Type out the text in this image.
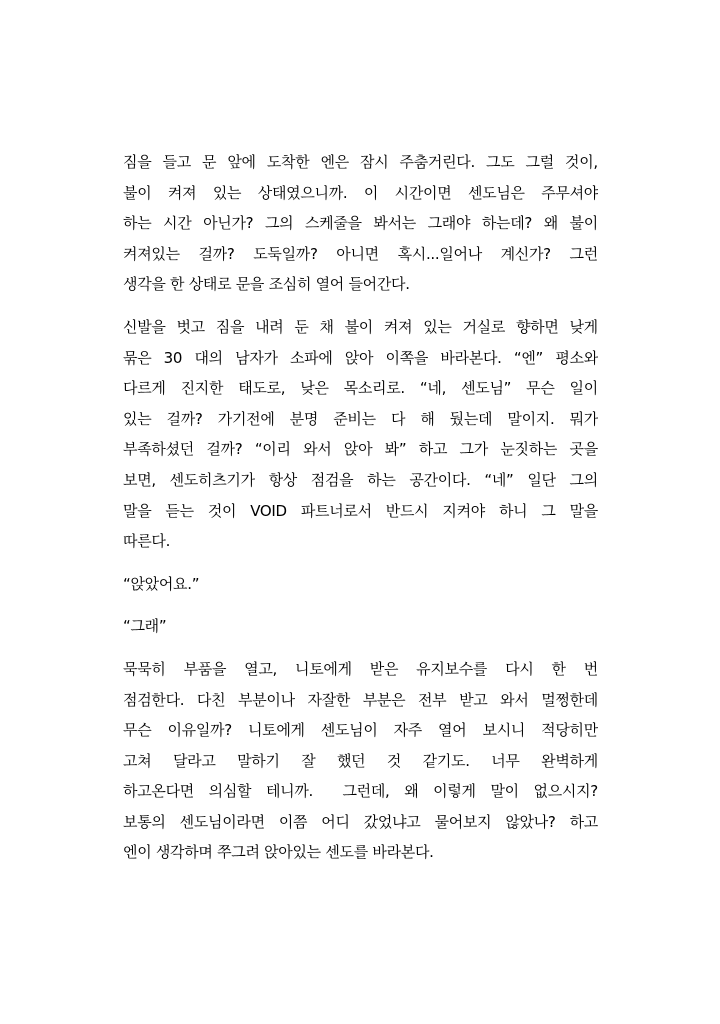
짐을 들고 문 앞에 도착한 엔은 잠시 주춤거린다. 그도 그럴 것이,
불이 켜져 있는 상태였으니까. 이 시간이면 센도님은 주무셔야
하는 시간 아닌가? 그의 스케줄을 봐서는 그래야 하는데? 왜 불이
켜져있는 걸까? 도둑일까? 아니면 혹시...일어나 계신가? 그런
생각을 한 상태로 문을 조심히 열어 들어간다.

신발을 벗고 짐을 내려 둔 채 불이 켜져 있는 거실로 향하면 낮게
묶은 30 대의 남자가 소파에 앉아 이쪽을 바라본다. “엔” 평소와
다르게 진지한 태도로, 낮은 목소리로. “네, 센도님” 무슨 일이
있는 걸까? 가기전에 분명 준비는 다 해 뒀는데 말이지. 뭐가
부족하셨던 걸까? “이리 와서 앉아 봐” 하고 그가 눈짓하는 곳을
보면, 센도히츠기가 항상 점검을 하는 공간이다. “네” 일단 그의
말을 듣는 것이 VOID 파트너로서 반드시 지켜야 하니 그 말을
따른다.

“앉았어요.”

“그래”

묵묵히 부품을 열고, 니토에게 받은 유지보수를 다시 한 번
점검한다. 다친 부분이나 자잘한 부분은 전부 받고 와서 멀쩡한데
무슨 이유일까? 니토에게 센도님이 자주 열어 보시니 적당히만
고쳐 달라고 말하기 잘 했던 것 같기도. 너무 완벽하게
하고온다면 의심할 테니까. 그런데, 왜 이렇게 말이 없으시지?
보통의 센도님이라면 이쯤 어디 갔었냐고 물어보지 않았나? 하고
엔이 생각하며 쭈그려 앉아있는 센도를 바라본다.
